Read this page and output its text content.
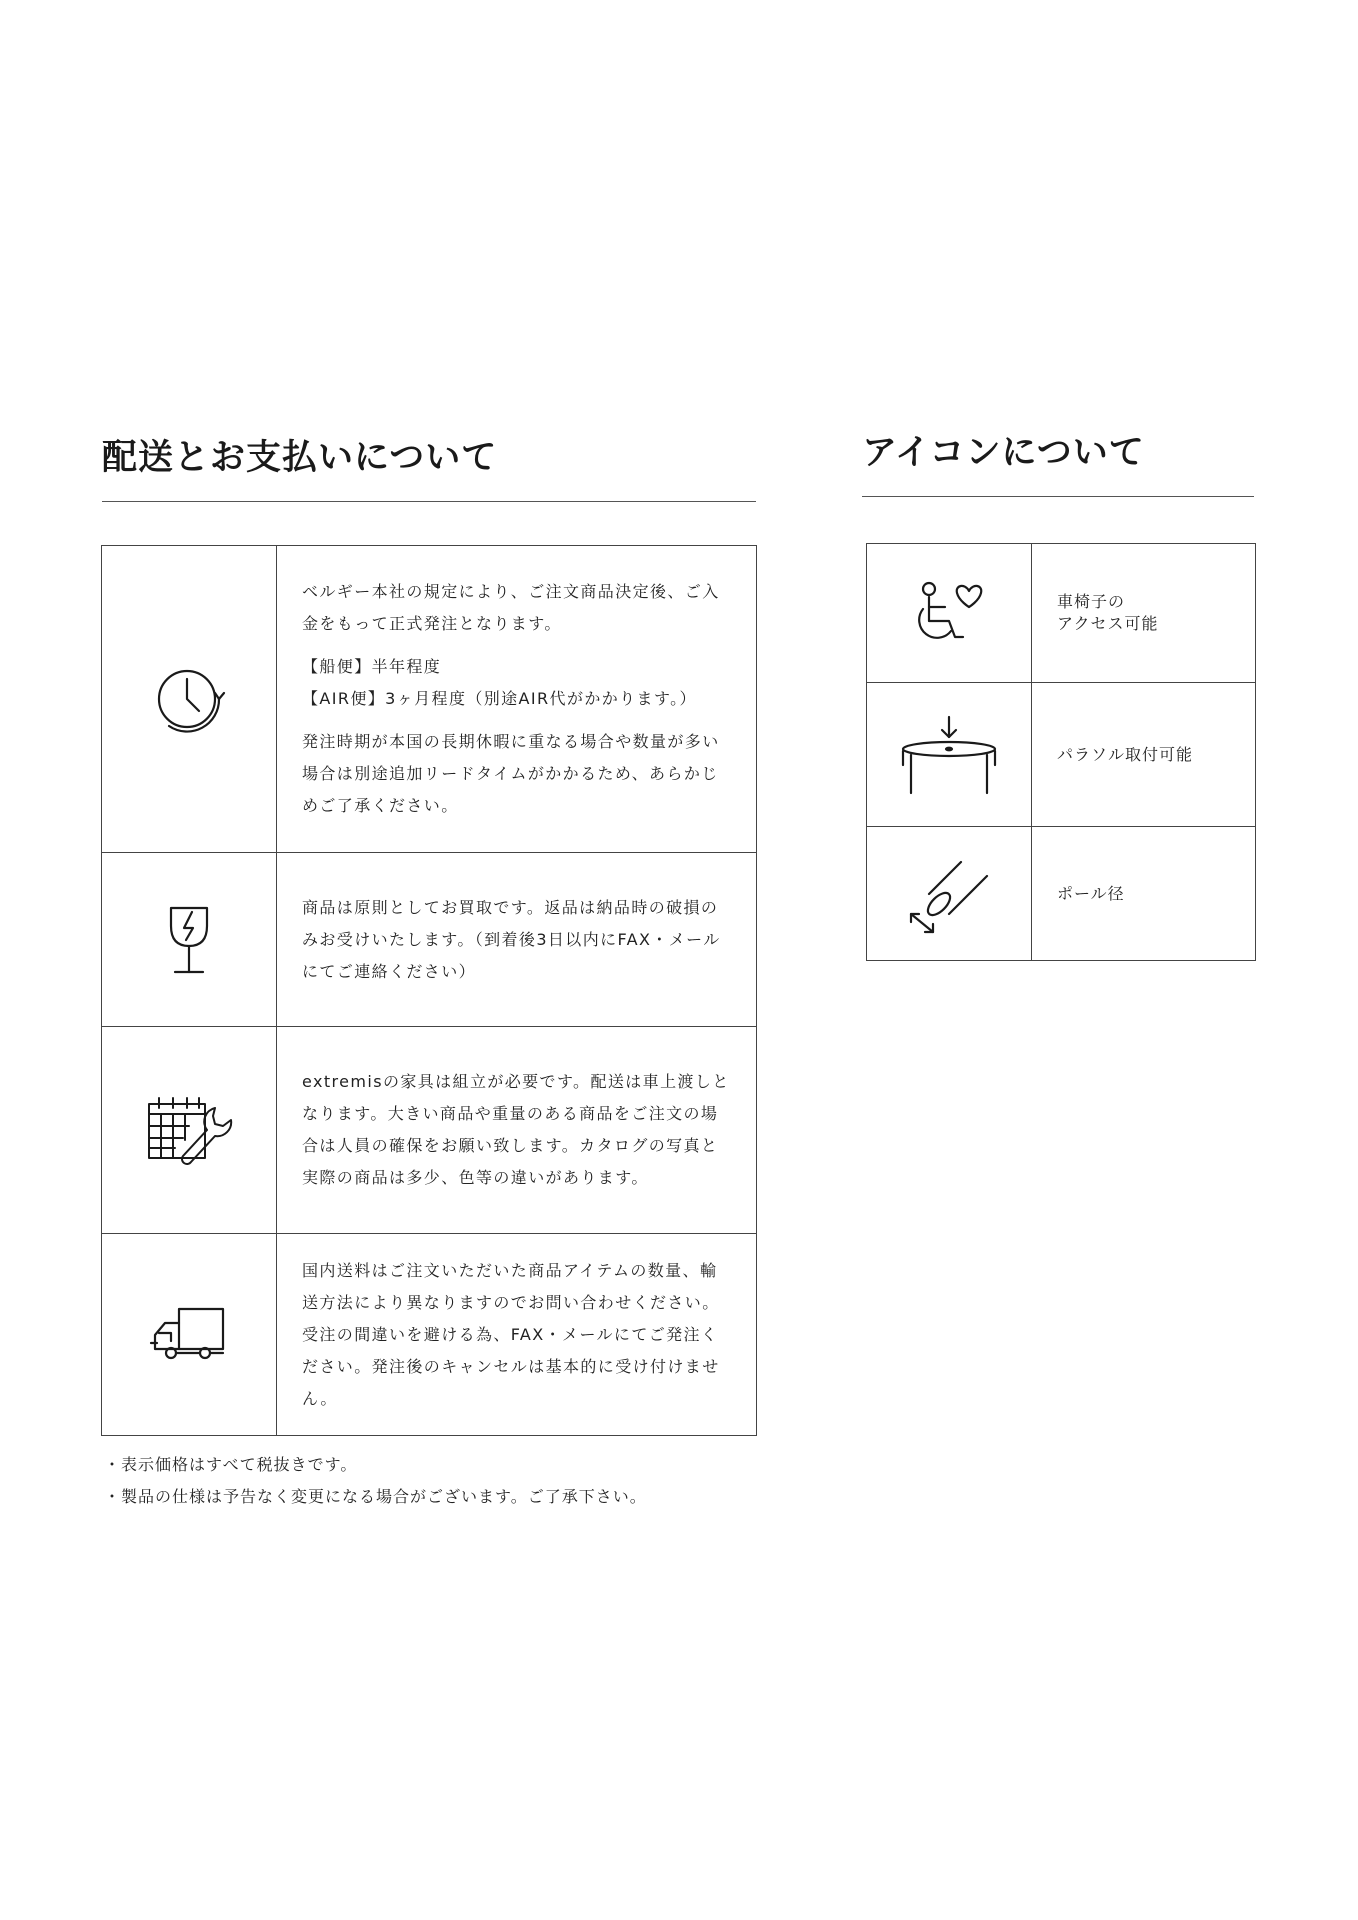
配送とお支払いについて	アイコンについて

ベルギー本社の規定により、ご注文商品決定後、ご入金をもって正式発注となります。

【船便】半年程度

【AIR便】3ヶ月程度（別途AIR代がかかります。）

発注時期が本国の長期休暇に重なる場合や数量が多い場合は別途追加リードタイムがかかるため、あらかじめご了承ください。

商品は原則としてお買取です。返品は納品時の破損のみお受けいたします。（到着後3日以内にFAX・メールにてご連絡ください）

extremisの家具は組立が必要です。配送は車上渡しとなります。大きい商品や重量のある商品をご注文の場合は人員の確保をお願い致します。カタログの写真と実際の商品は多少、色等の違いがあります。

国内送料はご注文いただいた商品アイテムの数量、輸送方法により異なりますのでお問い合わせください。受注の間違いを避ける為、FAX・メールにてご発注ください。発注後のキャンセルは基本的に受け付けません。

・表示価格はすべて税抜きです。

・製品の仕様は予告なく変更になる場合がございます。ご了承下さい。

車椅子の
アクセス可能

パラソル取付可能

ポール径
